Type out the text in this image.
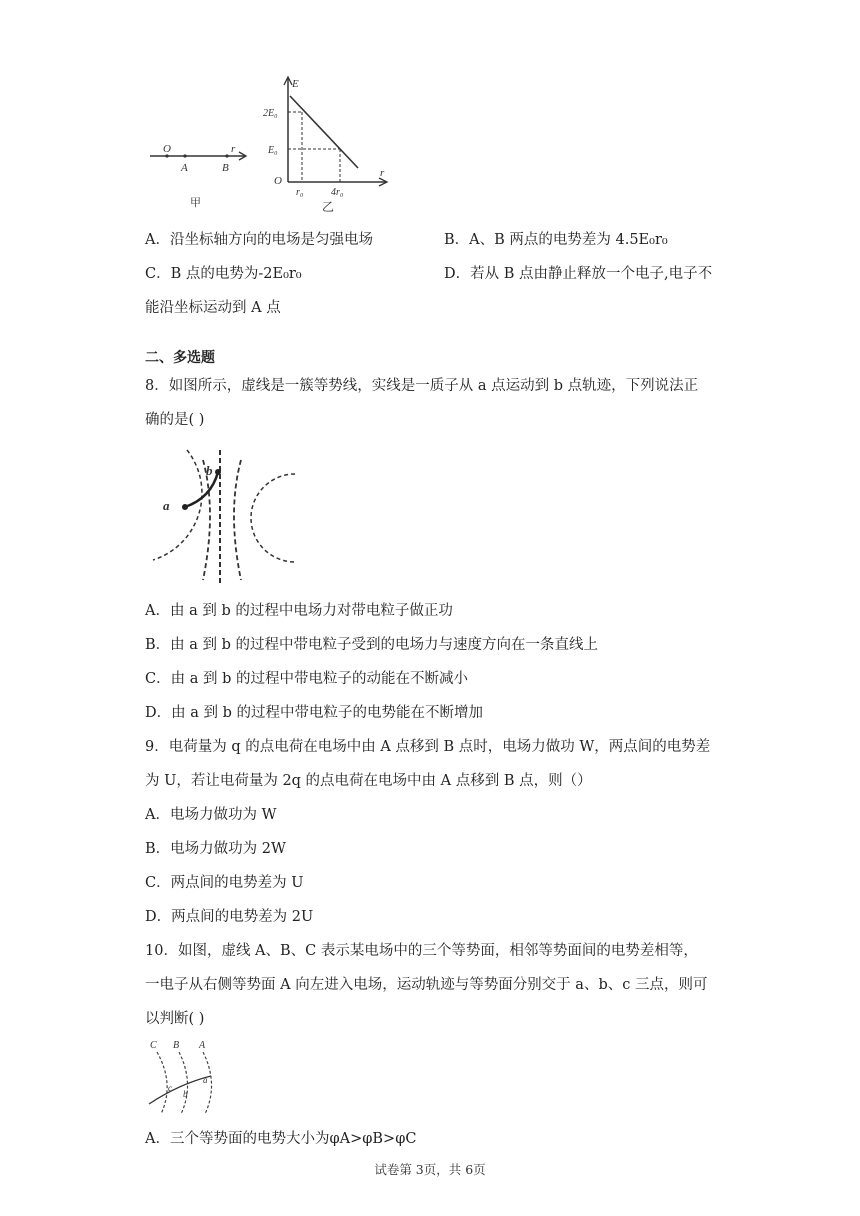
O
A	B
r
甲
E
2E₀
E₀
O
r₀	4r₀
r
乙
A．沿坐标轴方向的电场是匀强电场	B．A、B 两点的电势差为 4.5E₀r₀
C．B 点的电势为-2E₀r₀	D．若从 B 点由静止释放一个电子,电子不
能沿坐标运动到 A 点
二、多选题
8．如图所示，虚线是一簇等势线，实线是一质子从 a 点运动到 b 点轨迹，下列说法正
确的是( )
a
b
A．由 a 到 b 的过程中电场力对带电粒子做正功
B．由 a 到 b 的过程中带电粒子受到的电场力与速度方向在一条直线上
C．由 a 到 b 的过程中带电粒子的动能在不断减小
D．由 a 到 b 的过程中带电粒子的电势能在不断增加
9．电荷量为 q 的点电荷在电场中由 A 点移到 B 点时，电场力做功 W，两点间的电势差
为 U，若让电荷量为 2q 的点电荷在电场中由 A 点移到 B 点，则（）
A．电场力做功为 W
B．电场力做功为 2W
C．两点间的电势差为 U
D．两点间的电势差为 2U
10．如图，虚线 A、B、C 表示某电场中的三个等势面，相邻等势面间的电势差相等，
一电子从右侧等势面 A 向左进入电场，运动轨迹与等势面分别交于 a、b、c 三点，则可
以判断( )
C B A
a
c
b
A．三个等势面的电势大小为φA>φB>φC
试卷第 3页，共 6页
